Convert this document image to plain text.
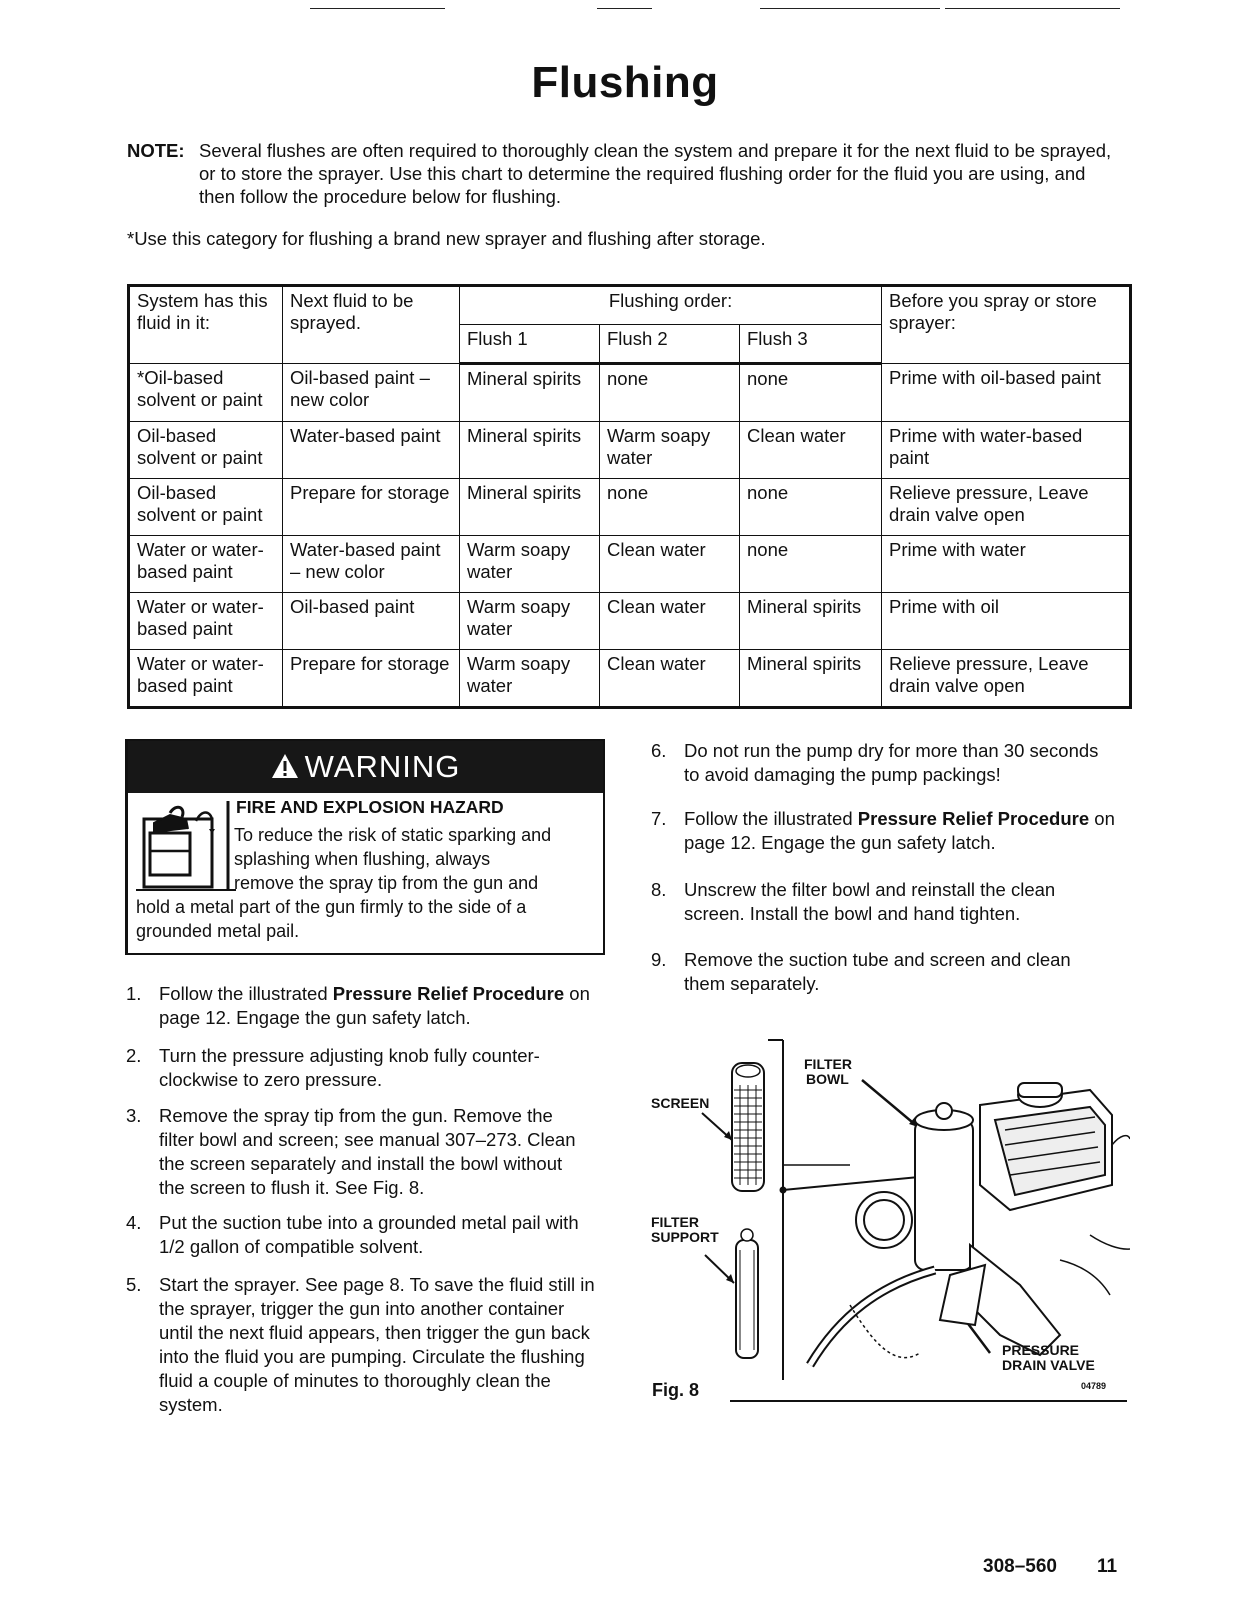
Flushing
NOTE: Several flushes are often required to thoroughly clean the system and prepare it for the next fluid to be sprayed, or to store the sprayer. Use this chart to determine the required flushing order for the fluid you are using, and then follow the procedure below for flushing.
*Use this category for flushing a brand new sprayer and flushing after storage.
System has this fluid in it:	Next fluid to be sprayed.	Flushing order:			Before you spray or store sprayer:
		Flush 1	Flush 2	Flush 3	
*Oil-based solvent or paint	Oil-based paint – new color	Mineral spirits	none	none	Prime with oil-based paint
Oil-based solvent or paint	Water-based paint	Mineral spirits	Warm soapy water	Clean water	Prime with water-based paint
Oil-based solvent or paint	Prepare for storage	Mineral spirits	none	none	Relieve pressure, Leave drain valve open
Water or water-based paint	Water-based paint – new color	Warm soapy water	Clean water	none	Prime with water
Water or water-based paint	Oil-based paint	Warm soapy water	Clean water	Mineral spirits	Prime with oil
Water or water-based paint	Prepare for storage	Warm soapy water	Clean water	Mineral spirits	Relieve pressure, Leave drain valve open
WARNING
FIRE AND EXPLOSION HAZARD
To reduce the risk of static sparking and
splashing when flushing, always
remove the spray tip from the gun and
hold a metal part of the gun firmly to the side of a
grounded metal pail.
1. Follow the illustrated Pressure Relief Procedure on page 12. Engage the gun safety latch.
2. Turn the pressure adjusting knob fully counter-clockwise to zero pressure.
3. Remove the spray tip from the gun. Remove the filter bowl and screen; see manual 307–273. Clean the screen separately and install the bowl without the screen to flush it. See Fig. 8.
4. Put the suction tube into a grounded metal pail with 1/2 gallon of compatible solvent.
5. Start the sprayer. See page 8. To save the fluid still in the sprayer, trigger the gun into another container until the next fluid appears, then trigger the gun back into the fluid you are pumping. Circulate the flushing fluid a couple of minutes to thoroughly clean the system.
6. Do not run the pump dry for more than 30 seconds to avoid damaging the pump packings!
7. Follow the illustrated Pressure Relief Procedure on page 12. Engage the gun safety latch.
8. Unscrew the filter bowl and reinstall the clean screen. Install the bowl and hand tighten.
9. Remove the suction tube and screen and clean them separately.
FILTER
BOWL
SCREEN
FILTER
SUPPORT
PRESSURE
DRAIN VALVE
Fig. 8	04789
308–560 11
